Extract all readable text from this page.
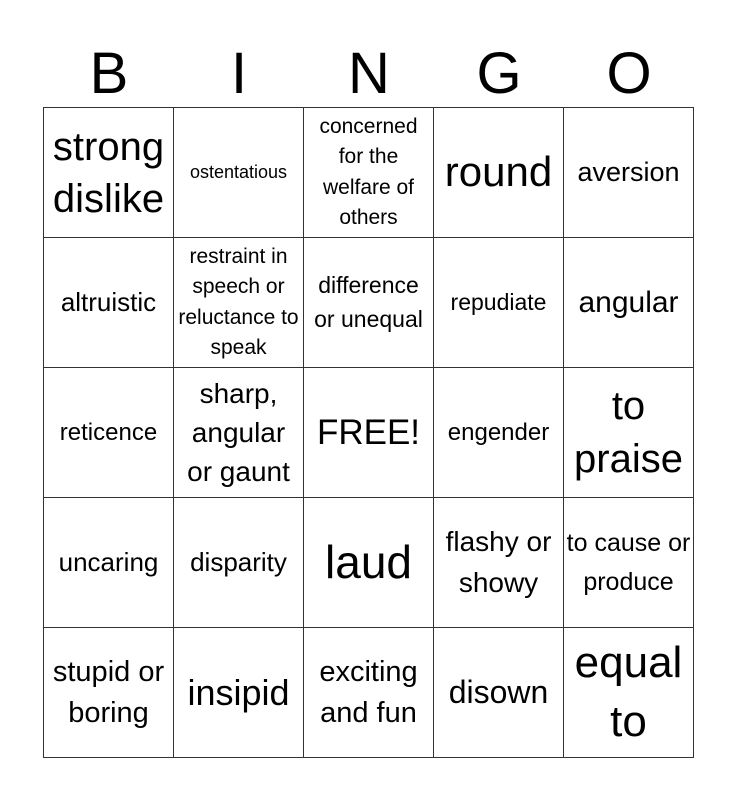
B	I	N	G	O
strong dislike	ostentatious	concerned for the welfare of others	round	aversion
altruistic	restraint in speech or reluctance to speak	difference or unequal	repudiate	angular
reticence	sharp, angular or gaunt	FREE!	engender	to praise
uncaring	disparity	laud	flashy or showy	to cause or produce
stupid or boring	insipid	exciting and fun	disown	equal to
